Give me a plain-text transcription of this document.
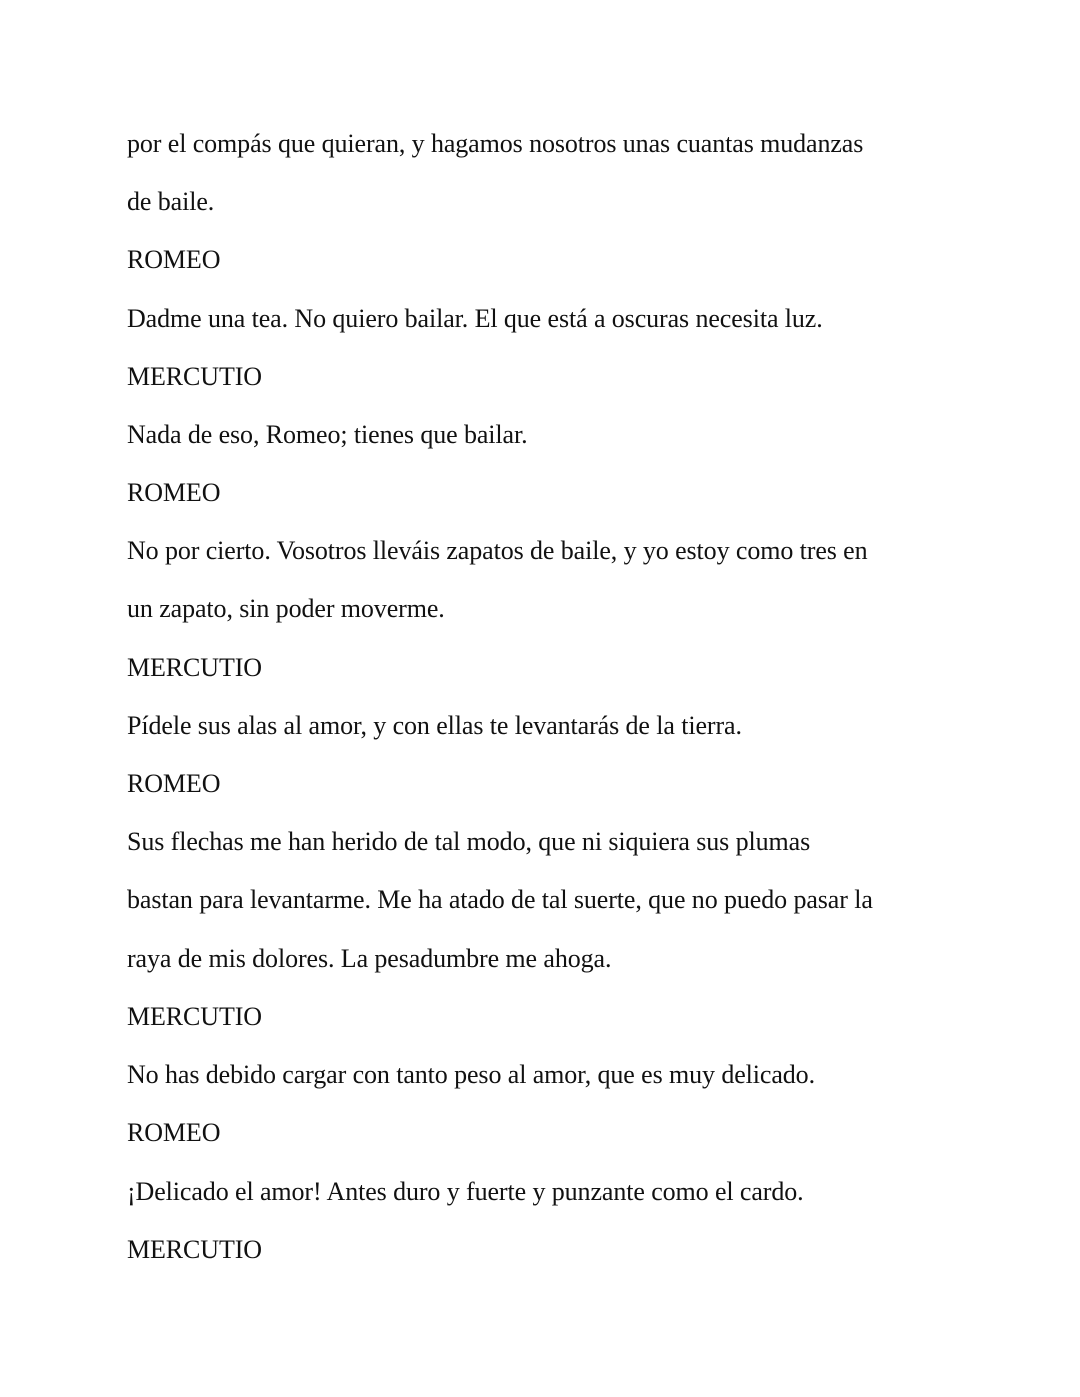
por el compás que quieran, y hagamos nosotros unas cuantas mudanzas
de baile.
ROMEO
Dadme una tea. No quiero bailar. El que está a oscuras necesita luz.
MERCUTIO
Nada de eso, Romeo; tienes que bailar.
ROMEO
No por cierto. Vosotros lleváis zapatos de baile, y yo estoy como tres en
un zapato, sin poder moverme.
MERCUTIO
Pídele sus alas al amor, y con ellas te levantarás de la tierra.
ROMEO
Sus flechas me han herido de tal modo, que ni siquiera sus plumas
bastan para levantarme. Me ha atado de tal suerte, que no puedo pasar la
raya de mis dolores. La pesadumbre me ahoga.
MERCUTIO
No has debido cargar con tanto peso al amor, que es muy delicado.
ROMEO
¡Delicado el amor! Antes duro y fuerte y punzante como el cardo.
MERCUTIO
